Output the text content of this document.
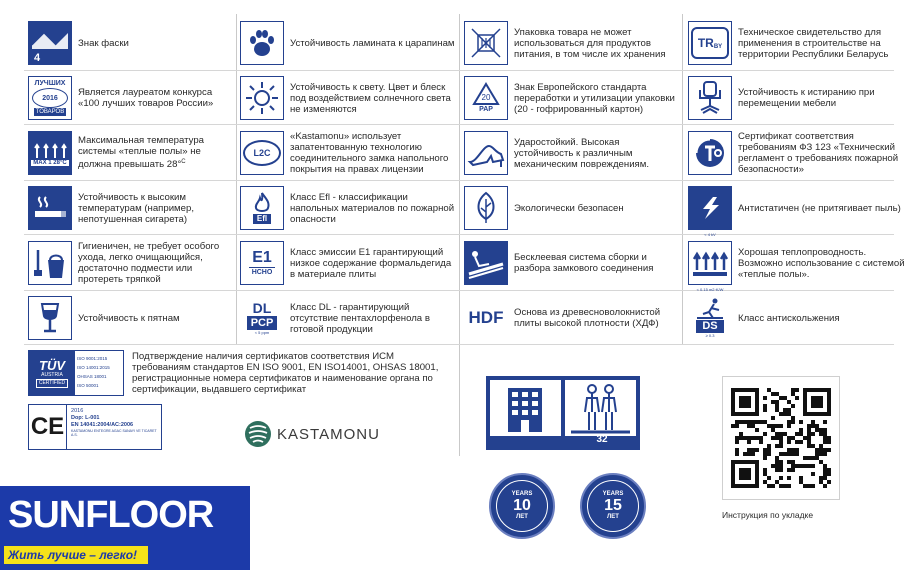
4
Знак фаски
ЛУЧШИХ
2016
ТОВАРОВ
Является лауреатом конкурса «100 лучших товаров России»
MAX 1 28°C
Максимальная температура системы «теплые полы» не должна превышать 28°$^С$
Устойчивость к высоким температурам (например, непотушенная сигарета)
Гигиеничен, не требует особого ухода, легко очищающийся, достаточно подмести или протереть тряпкой
Устойчивость к пятнам
Устойчивость ламината к царапинам
Устойчивость к свету. Цвет и блеск под воздействием солнечного света не изменяются
L2C
«Kastamonu» использует запатентованную технологию соединительного замка напольного покрытия на правах лицензии
Efl
Класс Efl - классификации напольных материалов по пожарной опасности
E1
HCHO
Класс эмиссии Е1 гарантирующий низкое содержание формальдегида в материале плиты
DL
PCP
< 5 ppm
Класс DL - гарантирующий отсутствие пентахлорфенола в готовой продукции
Упаковка товара не может использоваться для продуктов питания, в том числе их хранения
20
PAP
Знак Европейского стандарта переработки и утилизации упаковки (20 - гофрированный картон)
Ударостойкий. Высокая устойчивость к различным механическим повреждениям.
Экологически безопасен
Бесклеевая система сборки и разбора замкового соединения
HDF Основа из древесноволокнистой плиты высокой плотности (ХДФ)
TR BY
Техническое свидетельство для применения в строительстве на территории Республики Беларусь
Устойчивость к истиранию при перемещении мебели
Сертификат соответствия требованиям ФЗ 123 «Технический регламент о требованиях пожарной безопасности»
< 4 kV
Антистатичен (не притягивает пыль)
< 0.15 m2·K/W
Хорошая теплопроводность. Возможно использование с системой «теплые полы».
DS
≥ 0.3
Класс антискольжения
TÜV
AUSTRIA
CERTIFIED
ISO 9001:2015
ISO 14001:2015
OHSAS 18001
ISO 50001
Подтверждение наличия сертификатов соответствия ИСМ требованиям стандартов EN ISO 9001, EN ISO14001, OHSAS 18001, регистрационные номера сертификатов и наименование органа по сертификации, выдавшего сертификат
CE
2016
Dop: L-001
EN 14041:2004/AC:2006
KASTAMONU ENTEGRE AGAC SANAYI VE TICARET A.S.	KASTAMONU	32
YEARS
10
ЛЕТ
YEARS
15
ЛЕТ	Инструкция по укладке
SUNFLOOR
Жить лучше – легко!
